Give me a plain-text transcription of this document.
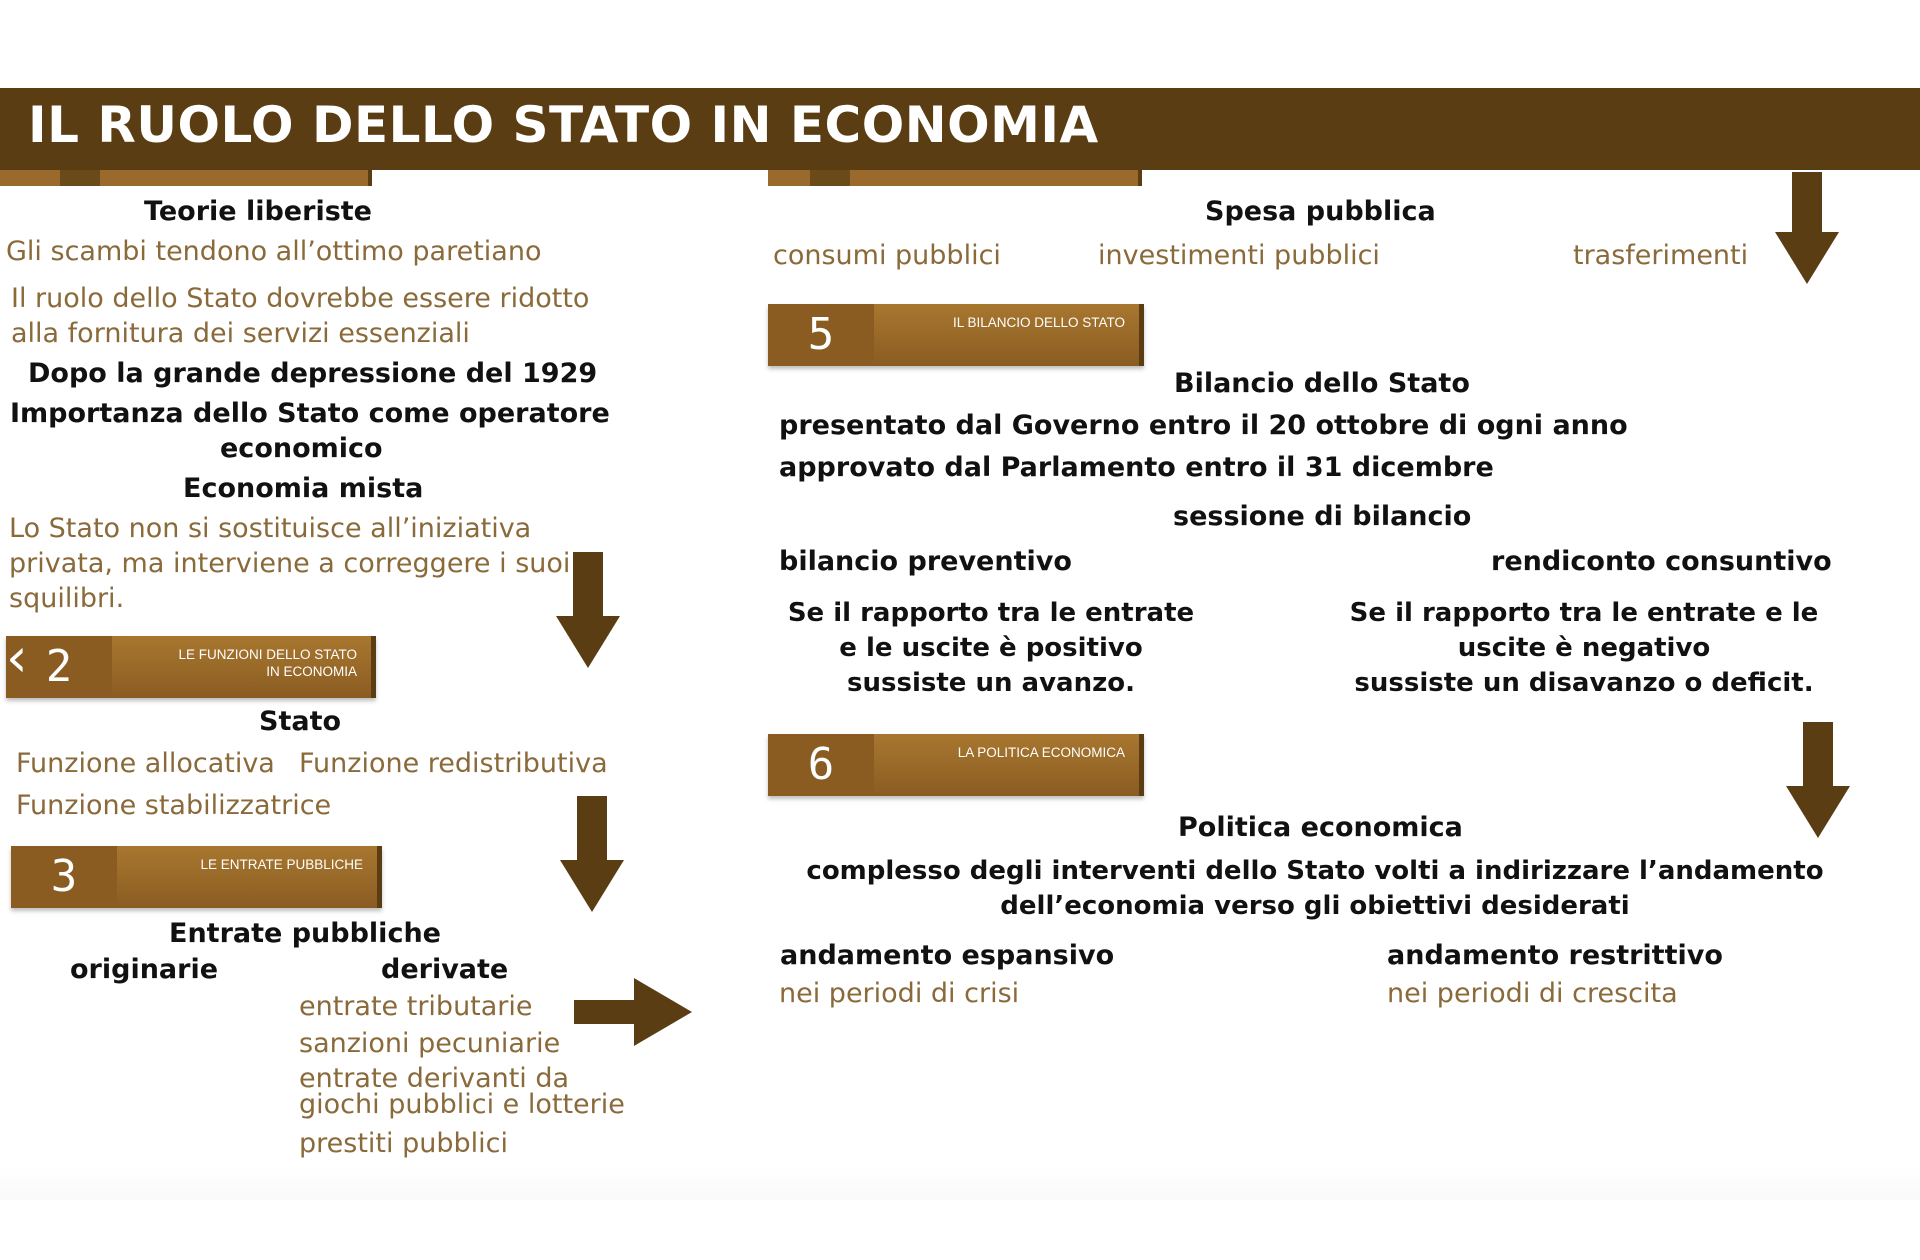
IL RUOLO DELLO STATO IN ECONOMIA
Teorie liberiste
Gli scambi tendono all’ottimo paretiano
Il ruolo dello Stato dovrebbe essere ridotto
alla fornitura dei servizi essenziali
Dopo la grande depressione del 1929
Importanza dello Stato come operatore
economico
Economia mista
Lo Stato non si sostituisce all’iniziativa
privata, ma interviene a correggere i suoi
squilibri.
2	LE FUNZIONI DELLO STATO
IN ECONOMIA
‹
Stato
Funzione allocativa Funzione redistributiva
Funzione stabilizzatrice
3	LE ENTRATE PUBBLICHE
Entrate pubbliche
originarie	derivate
entrate tributarie
sanzioni pecuniarie
entrate derivanti da
giochi pubblici e lotterie
prestiti pubblici
Spesa pubblica
consumi pubblici	investimenti pubblici	trasferimenti
5	IL BILANCIO DELLO STATO
Bilancio dello Stato
presentato dal Governo entro il 20 ottobre di ogni anno
approvato dal Parlamento entro il 31 dicembre
sessione di bilancio
bilancio preventivo	rendiconto consuntivo
Se il rapporto tra le entrate
e le uscite è positivo
sussiste un avanzo.
Se il rapporto tra le entrate e le
uscite è negativo
sussiste un disavanzo o deficit.
6	LA POLITICA ECONOMICA
Politica economica
complesso degli interventi dello Stato volti a indirizzare l’andamento
dell’economia verso gli obiettivi desiderati
andamento espansivo
nei periodi di crisi
andamento restrittivo
nei periodi di crescita
